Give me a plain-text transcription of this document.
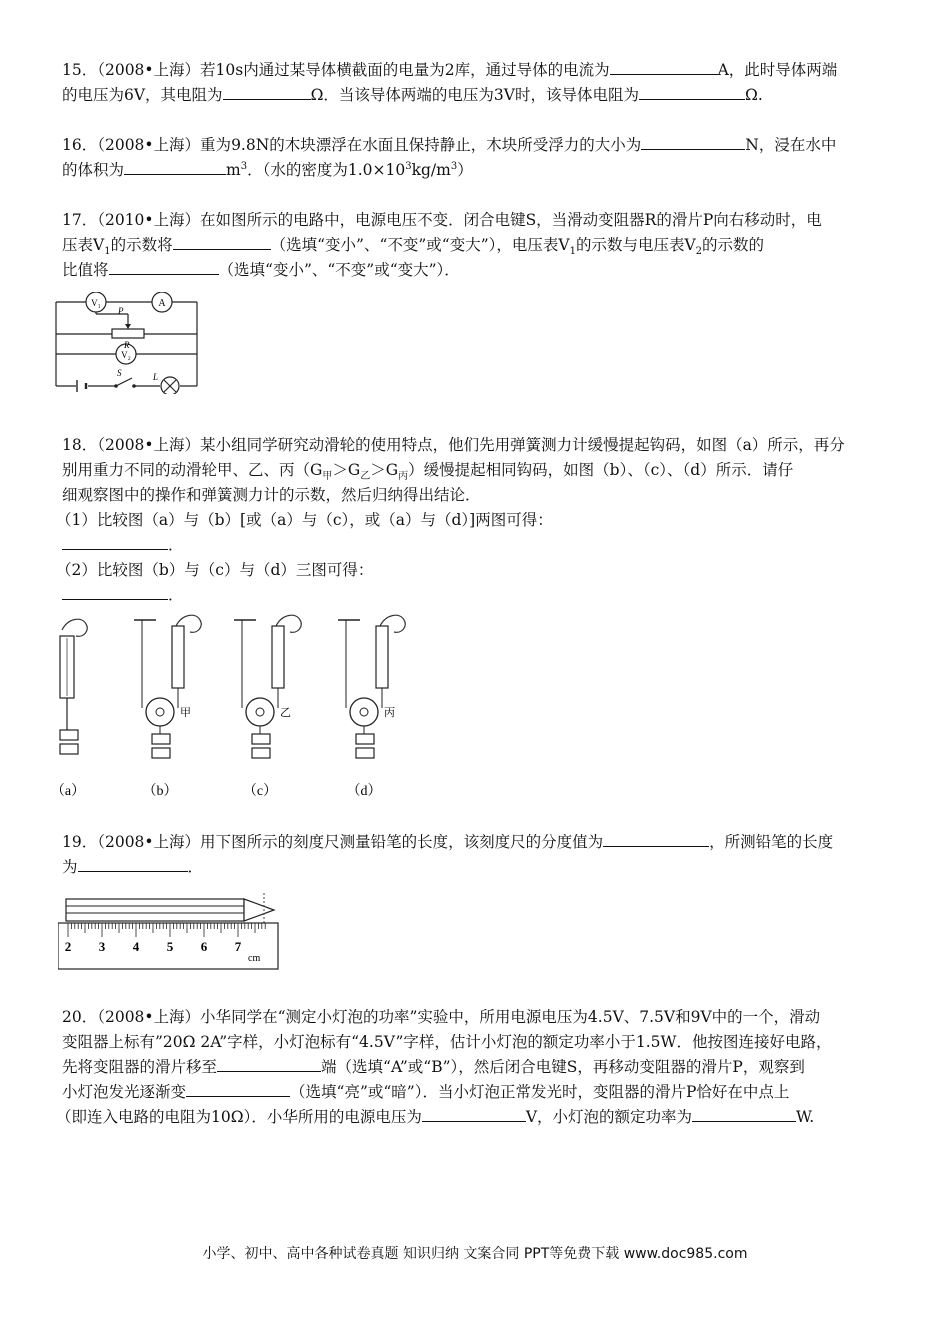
15．（2008•上海）若10s内通过某导体横截面的电量为2库，通过导体的电流为	A，此时导体两端
的电压为6V，其电阻为	Ω．当该导体两端的电压为3V时，该导体电阻为	Ω.
16．（2008•上海）重为9.8N的木块漂浮在水面且保持静止，木块所受浮力的大小为	N，浸在水中
的体积为	$m^3$．（水的密度为$1.0\times 10^3kg/m^3$）
17．（2010•上海）在如图所示的电路中，电源电压不变．闭合电键S，当滑动变阻器R的滑片P向右移动时，电
压表$V_1$的示数将	（选填“变小”、“不变”或“变大”），电压表$V_1$的示数与电压表$V_2$的示数的
比值将	（选填“变小”、“不变”或“变大”）．
V₁	A
P
R
V₂
S	L
18．（2008•上海）某小组同学研究动滑轮的使用特点，他们先用弹簧测力计缓慢提起钩码，如图（a）所示，再分
别用重力不同的动滑轮甲、乙、丙$(G_甲>G_乙>G_丙)$缓慢提起相同钩码，如图（b）、（c）、（d）所示．请仔
细观察图中的操作和弹簧测力计的示数，然后归纳得出结论．
（1）比较图（a）与（b）[或（a）与（c），或（a）与（d）]两图可得：
．
（2）比较图（b）与（c）与（d）三图可得：
．
（a）
甲
（b）
乙
（c）
丙
（d）
19．（2008•上海）用下图所示的刻度尺测量铅笔的长度，该刻度尺的分度值为	，所测铅笔的长度
为	．
2 3 4 5 6 7
cm
20．（2008•上海）小华同学在“测定小灯泡的功率”实验中，所用电源电压为4.5V、7.5V和9V中的一个，滑动
变阻器上标有”20Ω 2A”字样，小灯泡标有“4.5V”字样，估计小灯泡的额定功率小于1.5W．他按图连接好电路，
先将变阻器的滑片移至	端（选填“A”或“B”），然后闭合电键S，再移动变阻器的滑片P，观察到
小灯泡发光逐渐变	（选填“亮”或“暗”）．当小灯泡正常发光时，变阻器的滑片P恰好在中点上
（即连入电路的电阻为10Ω）．小华所用的电源电压为	V，小灯泡的额定功率为	W.
小学、初中、高中各种试卷真题 知识归纳 文案合同 PPT等免费下载 www.doc985.com
